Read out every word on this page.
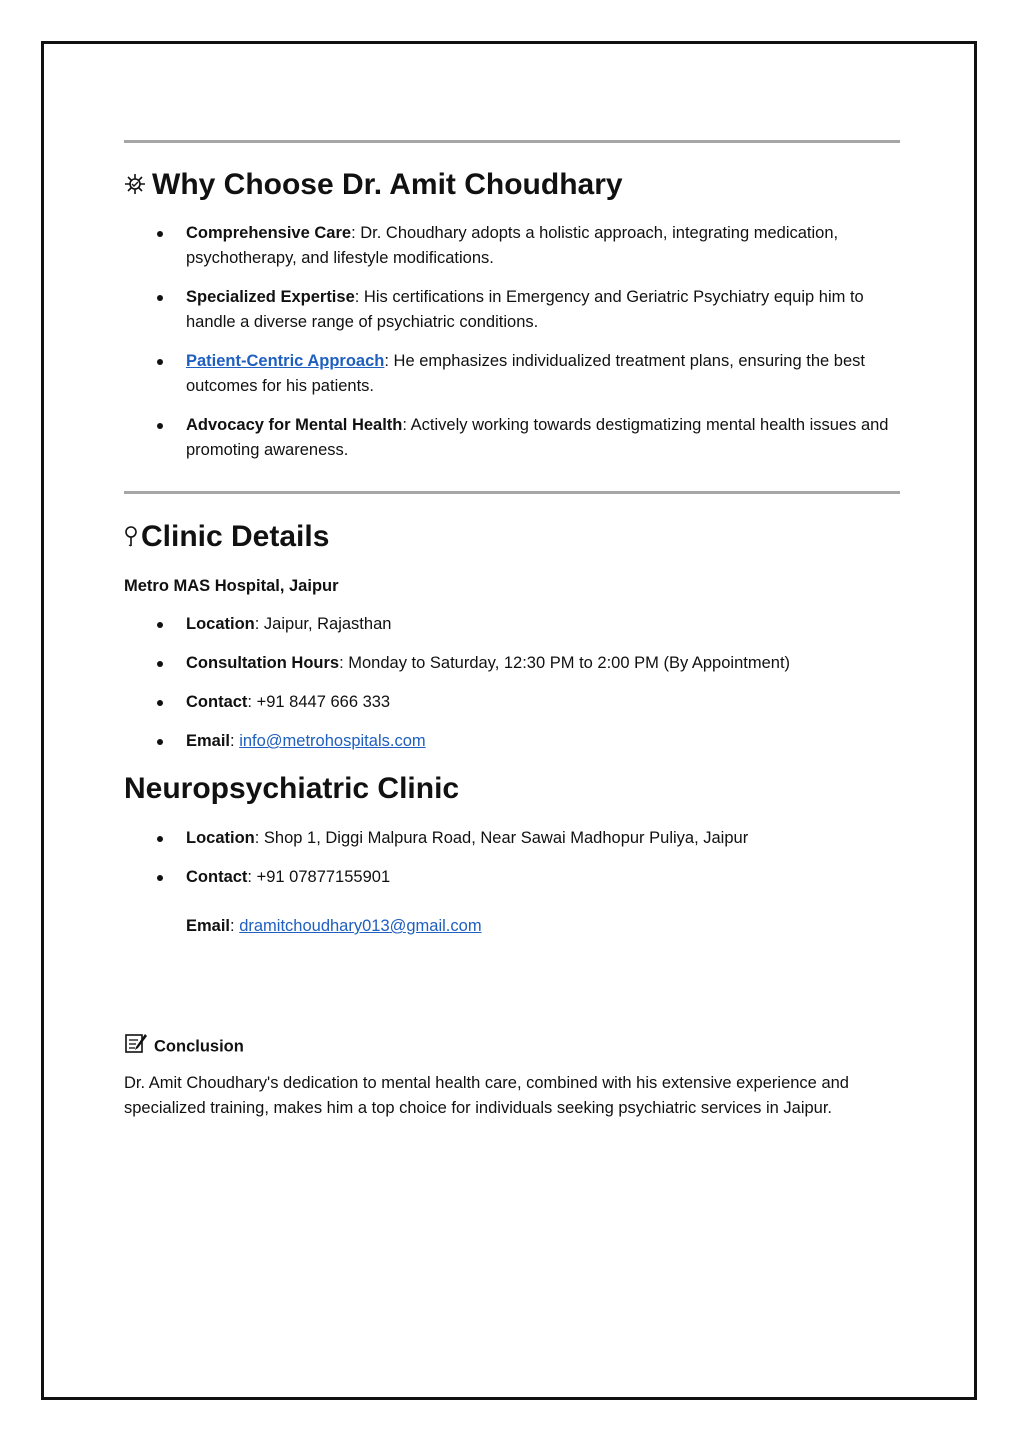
Why Choose Dr. Amit Choudhary
Comprehensive Care: Dr. Choudhary adopts a holistic approach, integrating medication, psychotherapy, and lifestyle modifications.
Specialized Expertise: His certifications in Emergency and Geriatric Psychiatry equip him to handle a diverse range of psychiatric conditions.
Patient-Centric Approach: He emphasizes individualized treatment plans, ensuring the best outcomes for his patients.
Advocacy for Mental Health: Actively working towards destigmatizing mental health issues and promoting awareness.
Clinic Details

Metro MAS Hospital, Jaipur

Location: Jaipur, Rajasthan
Consultation Hours: Monday to Saturday, 12:30 PM to 2:00 PM (By Appointment)
Contact: +91 8447 666 333
Email: info@metrohospitals.com
Neuropsychiatric Clinic
Location: Shop 1, Diggi Malpura Road, Near Sawai Madhopur Puliya, Jaipur
Contact: +91 07877155901

Email: dramitchoudhary013@gmail.com

Conclusion

Dr. Amit Choudhary's dedication to mental health care, combined with his extensive experience and specialized training, makes him a top choice for individuals seeking psychiatric services in Jaipur.
